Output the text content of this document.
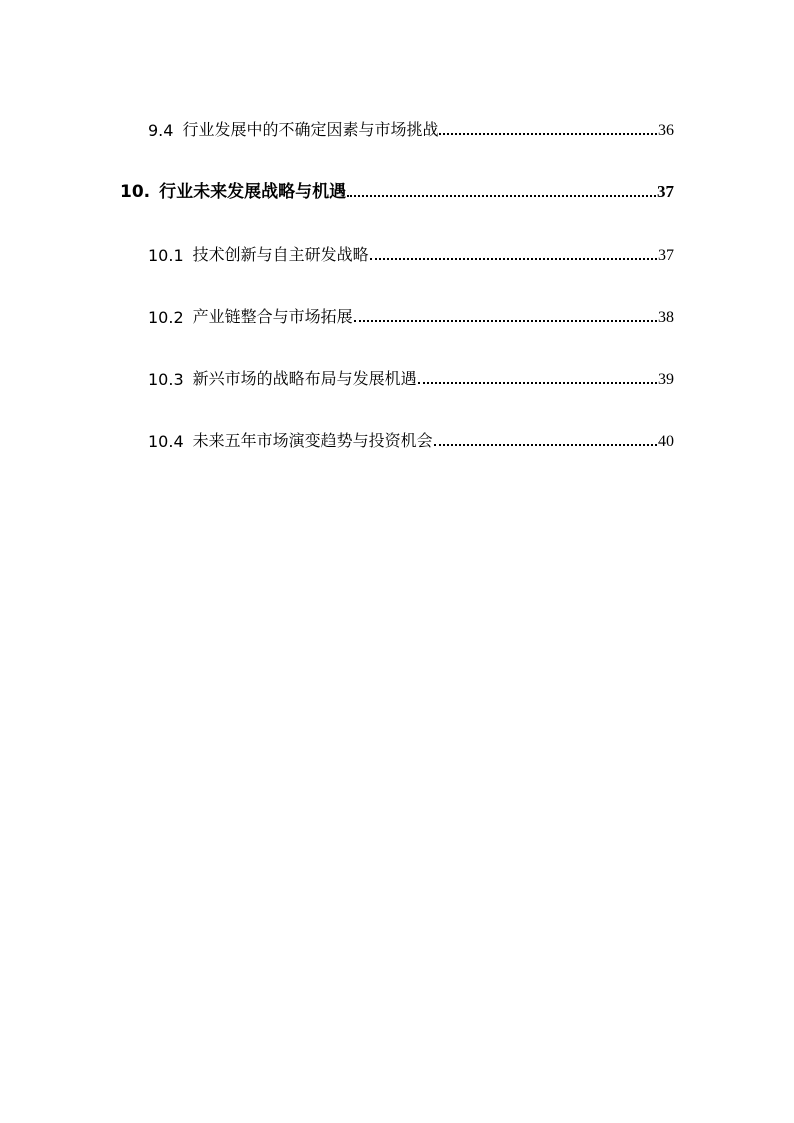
9.4 行业发展中的不确定因素与市场挑战	36
10. 行业未来发展战略与机遇	37
10.1 技术创新与自主研发战略	37
10.2 产业链整合与市场拓展	38
10.3 新兴市场的战略布局与发展机遇	39
10.4 未来五年市场演变趋势与投资机会	40
